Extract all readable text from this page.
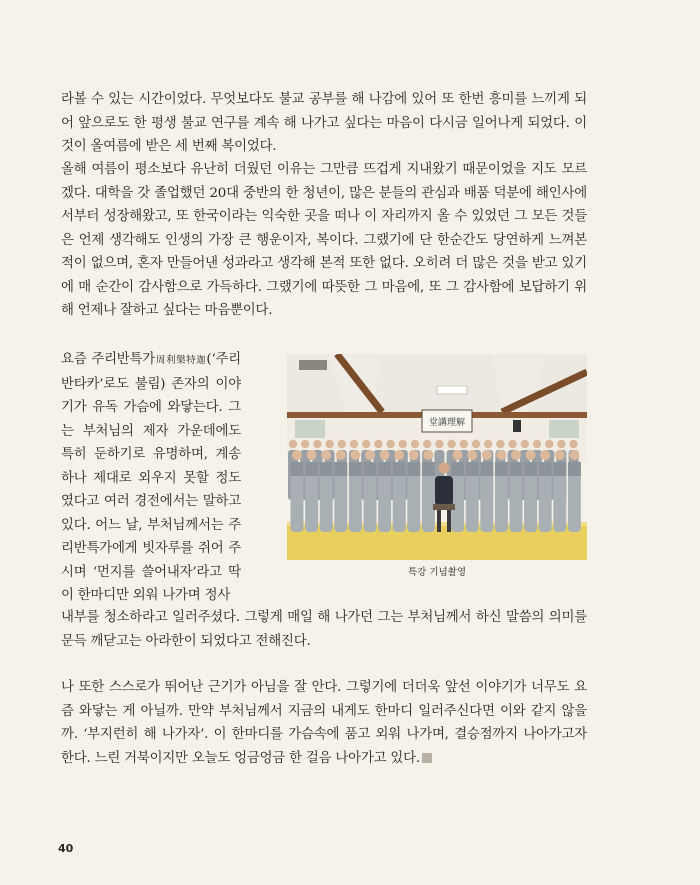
라볼 수 있는 시간이었다. 무엇보다도 불교 공부를 해 나감에 있어 또 한번 흥미를 느끼게 되어 앞으로도 한 평생 불교 연구를 계속 해 나가고 싶다는 마음이 다시금 일어나게 되었다. 이것이 올여름에 받은 세 번째 복이었다.

올해 여름이 평소보다 유난히 더웠던 이유는 그만큼 뜨겁게 지내왔기 때문이었을 지도 모르겠다. 대학을 갓 졸업했던 20대 중반의 한 청년이, 많은 분들의 관심과 배품 덕분에 해인사에서부터 성장해왔고, 또 한국이라는 익숙한 곳을 떠나 이 자리까지 올 수 있었던 그 모든 것들은 언제 생각해도 인생의 가장 큰 행운이자, 복이다. 그랬기에 단 한순간도 당연하게 느껴본 적이 없으며, 혼자 만들어낸 성과라고 생각해 본적 또한 없다. 오히려 더 많은 것을 받고 있기에 매 순간이 감사함으로 가득하다. 그랬기에 따뜻한 그 마음에, 또 그 감사함에 보답하기 위해 언제나 잘하고 싶다는 마음뿐이다.

요즘 주리반특가周利槃特迦(‘주리반타카’로도 불림) 존자의 이야기가 유독 가슴에 와닿는다. 그는 부처님의 제자 가운데에도 특히 둔하기로 유명하며, 계송 하나 제대로 외우지 못할 정도였다고 여러 경전에서는 말하고 있다. 어느 날, 부처님께서는 주리반특가에게 빗자루를 쥐어 주시며 ‘먼지를 쓸어내자’라고 딱 이 한마디만 외워 나가며 정사

내부를 청소하라고 일러주셨다. 그렇게 매일 해 나가던 그는 부처님께서 하신 말씀의 의미를 문득 깨닫고는 아라한이 되었다고 전해진다.

나 또한 스스로가 뛰어난 근기가 아님을 잘 안다. 그렇기에 더더욱 앞선 이야기가 너무도 요즘 와닿는 게 아닐까. 만약 부처님께서 지금의 내게도 한마디 일러주신다면 이와 같지 않을까. ‘부지런히 해 나가자’. 이 한마디를 가슴속에 품고 외워 나가며, 결승점까지 나아가고자 한다. 느린 거북이지만 오늘도 엉금엉금 한 걸음 나아가고 있다.

堂講理解
특강 기념촬영
40
